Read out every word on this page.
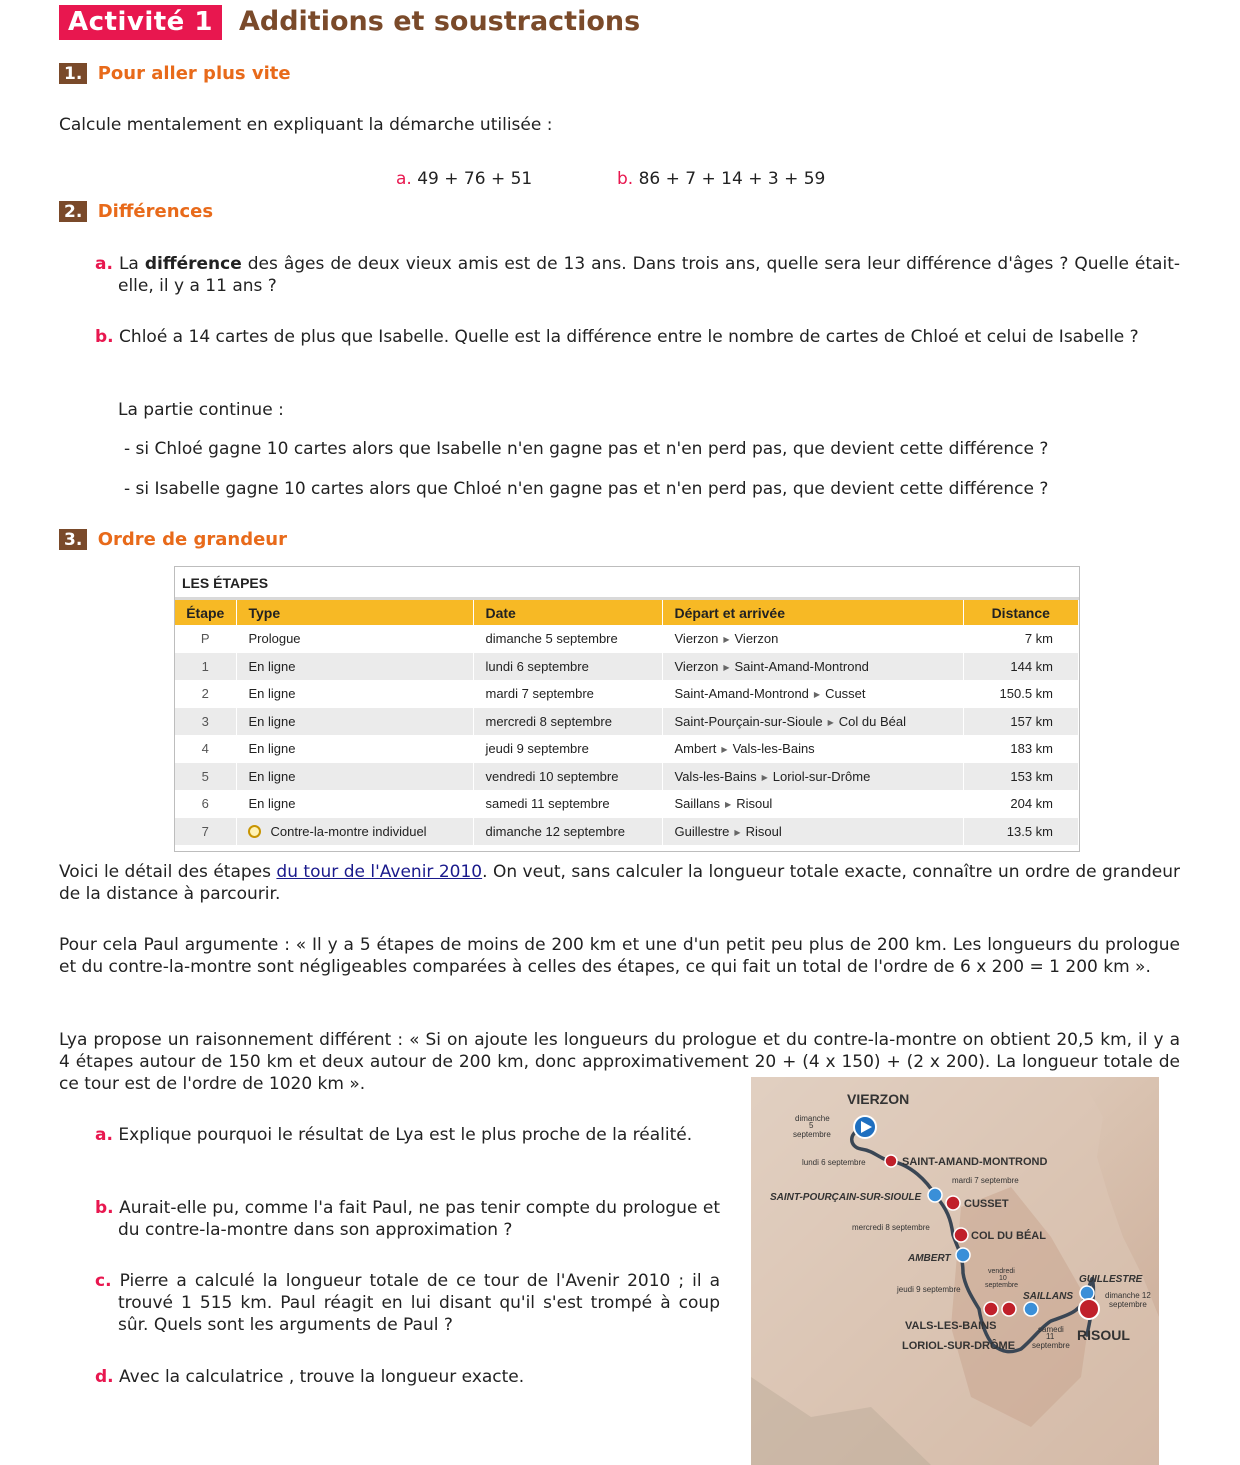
Activité 1 Additions et soustractions
1. Pour aller plus vite
Calcule mentalement en expliquant la démarche utilisée :
a. 49 + 76 + 51	b. 86 + 7 + 14 + 3 + 59
2. Différences
a. La différence des âges de deux vieux amis est de 13 ans. Dans trois ans, quelle sera leur différence d'âges ? Quelle était-elle, il y a 11 ans ?
b. Chloé a 14 cartes de plus que Isabelle. Quelle est la différence entre le nombre de cartes de Chloé et celui de Isabelle ?
La partie continue :
- si Chloé gagne 10 cartes alors que Isabelle n'en gagne pas et n'en perd pas, que devient cette différence ?
- si Isabelle gagne 10 cartes alors que Chloé n'en gagne pas et n'en perd pas, que devient cette différence ?
3. Ordre de grandeur
LES ÉTAPES
Étape	Type	Date	Départ et arrivée	Distance
P	Prologue	dimanche 5 septembre	Vierzon ▶ Vierzon	7 km
1	En ligne	lundi 6 septembre	Vierzon ▶ Saint-Amand-Montrond	144 km
2	En ligne	mardi 7 septembre	Saint-Amand-Montrond ▶ Cusset	150.5 km
3	En ligne	mercredi 8 septembre	Saint-Pourçain-sur-Sioule ▶ Col du Béal	157 km
4	En ligne	jeudi 9 septembre	Ambert ▶ Vals-les-Bains	183 km
5	En ligne	vendredi 10 septembre	Vals-les-Bains ▶ Loriol-sur-Drôme	153 km
6	En ligne	samedi 11 septembre	Saillans ▶ Risoul	204 km
7	Contre-la-montre individuel	dimanche 12 septembre	Guillestre ▶ Risoul	13.5 km
Voici le détail des étapes du tour de l'Avenir 2010. On veut, sans calculer la longueur totale exacte, connaître un ordre de grandeur de la distance à parcourir.
Pour cela Paul argumente : « Il y a 5 étapes de moins de 200 km et une d'un petit peu plus de 200 km. Les longueurs du prologue et du contre-la-montre sont négligeables comparées à celles des étapes, ce qui fait un total de l'ordre de 6 x 200 = 1 200 km ».
Lya propose un raisonnement différent : « Si on ajoute les longueurs du prologue et du contre-la-montre on obtient 20,5 km, il y a 4 étapes autour de 150 km et deux autour de 200 km, donc approximativement 20 + (4 x 150) + (2 x 200). La longueur totale de ce tour est de l'ordre de 1020 km ».
a. Explique pourquoi le résultat de Lya est le plus proche de la réalité.
b. Aurait-elle pu, comme l'a fait Paul, ne pas tenir compte du prologue et du contre-la-montre dans son approximation ?
c. Pierre a calculé la longueur totale de ce tour de l'Avenir 2010 ; il a trouvé 1 515 km. Paul réagit en lui disant qu'il s'est trompé à coup sûr. Quels sont les arguments de Paul ?
d. Avec la calculatrice , trouve la longueur exacte.
VIERZON
dimanche
5
septembre
lundi 6 septembre	SAINT-AMAND-MONTROND
mardi 7 septembre
SAINT-POURÇAIN-SUR-SIOULE
CUSSET
mercredi 8 septembre
COL DU BÉAL
AMBERT
vendredi
10
septembre
jeudi 9 septembre
GUILLESTRE
SAILLANS	dimanche 12
septembre
VALS-LES-BAINS	samedi
11
septembre
RISOUL
LORIOL-SUR-DRÔME
